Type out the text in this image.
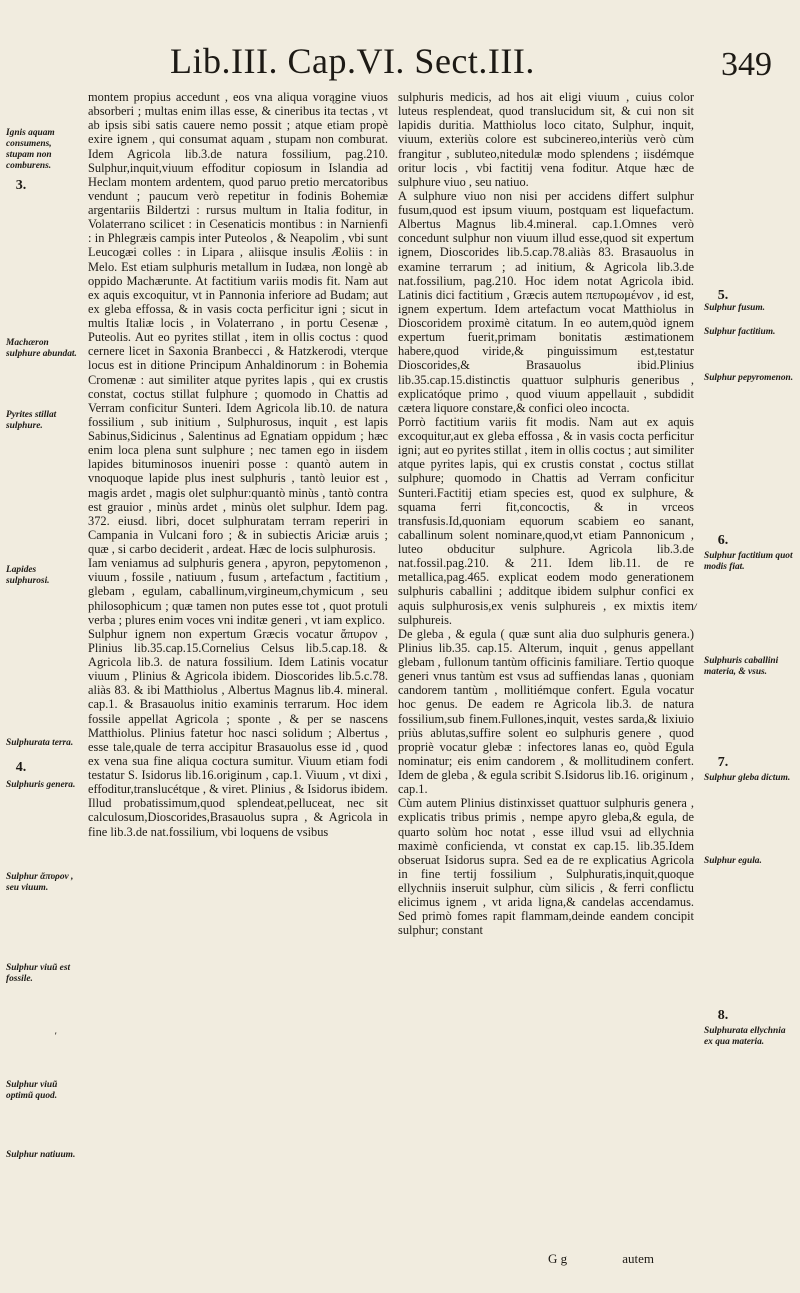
Lib.III. Cap.VI. Sect.III.	349

montem propius accedunt , eos vna aliqua vorągine viuos absorberi ; multas enim illas esse, & cineribus ita tectas , vt ab ipsis sibi satis cauere nemo possit ; atque etiam propè exire ignem , qui consumat aquam , stupam non comburat. Idem Agricola lib.3.de natura fossilium, pag.210. Sulphur,inquit,viuum effoditur copiosum in Islandia ad Heclam montem ardentem, quod paruo pretio mercatoribus vendunt ; paucum verò repetitur in fodinis Bohemiæ argentariis Bildertzi : rursus multum in Italia foditur, in Volaterrano scilicet : in Cesenaticis montibus : in Narnienfi : in Phlegræis campis inter Puteolos , & Neapolim , vbi sunt Leucogæi colles : in Lipara , aliisque insulis Æoliis : in Melo. Est etiam sulphuris metallum in Iudæa, non longè ab oppido Machærunte. At factitium variis modis fit. Nam aut ex aquis excoquitur, vt in Pannonia inferiore ad Budam; aut ex gleba effossa, & in vasis cocta perficitur igni ; sicut in multis Italiæ locis , in Volaterrano , in portu Cesenæ , Puteolis. Aut eo pyrites stillat , item in ollis coctus : quod cernere licet in Saxonia Branbecci , & Hatzkerodi, vterque locus est in ditione Principum Anhaldinorum : in Bohemia Cromenæ : aut similiter atque pyrites lapis , qui ex crustis constat, coctus stillat fulphure ; quomodo in Chattis ad Verram conficitur Sunteri. Idem Agricola lib.10. de natura fossilium , sub initium , Sulphurosus, inquit , est lapis Sabinus,Sidicinus , Salentinus ad Egnatiam oppidum ; hæc enim loca plena sunt sulphure ; nec tamen ego in iisdem lapides bituminosos inueniri posse : quantò autem in vnoquoque lapide plus inest sulphuris , tantò leuior est , magis ardet , magis olet sulphur:quantò minùs , tantò contra est grauior , minùs ardet , minùs olet sulphur. Idem pag. 372. eiusd. libri, docet sulphuratam terram reperiri in Campania in Vulcani foro ; & in subiectis Ariciæ aruis ; quæ , si carbo deciderit , ardeat. Hæc de locis sulphurosis.
Iam veniamus ad sulphuris genera , apyron, pepytomenon , viuum , fossile , natiuum , fusum , artefactum , factitium , glebam , egulam, caballinum,virgineum,chymicum , seu philosophicum ; quæ tamen non putes esse tot , quot protuli verba ; plures enim voces vni inditæ generi , vt iam explico.
Sulphur ignem non expertum Græcis vocatur ἄπυρον , Plinius lib.35.cap.15.Cornelius Celsus lib.5.cap.18. & Agricola lib.3. de natura fossilium. Idem Latinis vocatur viuum , Plinius & Agricola ibidem. Dioscorides lib.5.c.78. aliàs 83. & ibi Matthiolus , Albertus Magnus lib.4. mineral. cap.1. & Brasauolus initio examinis terrarum. Hoc idem fossile appellat Agricola ; sponte , & per se nascens Matthiolus. Plinius fatetur hoc nasci solidum ; Albertus , esse tale,quale de terra accipitur Brasauolus esse id , quod ex vena sua fine aliqua coctura sumitur. Viuum etiam fodi testatur S. Isidorus lib.16.originum , cap.1. Viuum , vt dixi , effoditur,translucétque , & viret. Plinius , & Isidorus ibidem. Illud probatissimum,quod splendeat,pelluceat, nec sit calculosum,Dioscorides,Brasauolus supra , & Agricola in fine lib.3.de nat.fossilium, vbi loquens de vsibus

sulphuris medicis, ad hos ait eligi viuum , cuius color luteus resplendeat, quod translucidum sit, & cui non sit lapidis duritia. Matthiolus loco citato, Sulphur, inquit, viuum, exteriùs colore est subcinereo,interiùs verò cùm frangitur , subluteo,nitedulæ modo splendens ; iisdémque oritur locis , vbi factitij vena foditur. Atque hæc de sulphure viuo , seu natiuo.
A sulphure viuo non nisi per accidens differt sulphur fusum,quod est ipsum viuum, postquam est liquefactum. Albertus Magnus lib.4.mineral. cap.1.Omnes verò concedunt sulphur non viuum illud esse,quod sit expertum ignem, Dioscorides lib.5.cap.78.aliàs 83. Brasauolus in examine terrarum ; ad initium, & Agricola lib.3.de nat.fossilium, pag.210. Hoc idem notat Agricola ibid. Latinis dici factitium , Græcis autem πεπυρωμένον , id est, ignem expertum. Idem artefactum vocat Matthiolus in Dioscoridem proximè citatum. In eo autem,quòd ignem expertum fuerit,primam bonitatis æstimationem habere,quod viride,& pinguissimum est,testatur Dioscorides,& Brasauolus ibid.Plinius lib.35.cap.15.distinctis quattuor sulphuris generibus , explicatóque primo , quod viuum appellauit , subdidit cætera liquore constare,& confici oleo incocta.
Porrò factitium variis fit modis. Nam aut ex aquis excoquitur,aut ex gleba effossa , & in vasis cocta perficitur igni; aut eo pyrites stillat , item in ollis coctus ; aut similiter atque pyrites lapis, qui ex crustis constat , coctus stillat sulphure; quomodo in Chattis ad Verram conficitur Sunteri.Factitij etiam species est, quod ex sulphure, & squama ferri fit,concoctis, & in vrceos transfusis.Id,quoniam equorum scabiem eo sanant, caballinum solent nominare,quod,vt etiam Pannonicum , luteo obducitur sulphure. Agricola lib.3.de nat.fossil.pag.210. & 211. Idem lib.11. de re metallica,pag.465. explicat eodem modo generationem sulphuris caballini ; additque ibidem sulphur confici ex aquis sulphurosis,ex venis sulphureis , ex mixtis item sulphureis.
De gleba , & egula ( quæ sunt alia duo sulphuris genera.) Plinius lib.35. cap.15. Alterum, inquit , genus appellant glebam , fullonum tantùm officinis familiare. Tertio quoque generi vnus tantùm est vsus ad suffiendas lanas , quoniam candorem tantùm , mollitiémque confert. Egula vocatur hoc genus. De eadem re Agricola lib.3. de natura fossilium,sub finem.Fullones,inquit, vestes sarda,& lixiuio priùs ablutas,suffire solent eo sulphuris genere , quod propriè vocatur glebæ : infectores lanas eo, quòd Egula nominatur; eis enim candorem , & mollitudinem confert. Idem de gleba , & egula scribit S.Isidorus lib.16. originum , cap.1.
Cùm autem Plinius distinxisset quattuor sulphuris genera , explicatis tribus primis , nempe apyro gleba,& egula, de quarto solùm hoc notat , esse illud vsui ad ellychnia maximè conficienda, vt constat ex cap.15. lib.35.Idem obseruat Isidorus supra. Sed ea de re explicatius Agricola in fine tertij fossilium , Sulphuratis,inquit,quoque ellychniis inseruit sulphur, cùm silicis , & ferri conflictu elicimus ignem , vt arida ligna,& candelas accendamus. Sed primò fomes rapit flammam,deinde eandem concipit sulphur; constant

Ignis aquam consumens, stupam non comburens.
3.
Machæron sulphure abundat.
Pyrites stillat sulphure.
Lapides sulphurosi.
Sulphurata terra.
4.
Sulphuris genera.
Sulphur ἄπυρον , seu viuum.
Sulphur viuũ est fossile.
'
Sulphur viuũ optimũ quod.
Sulphur natiuum.
5.
Sulphur fusum.
Sulphur factitium.
Sulphur pepyromenon.
6.
Sulphur factitium quot modis fiat.
/
Sulphuris caballini materia, & vsus.
7.
Sulphur gleba dictum.
Sulphur egula.
8.
Sulphurata ellychnia ex qua materia.
G g	autem
